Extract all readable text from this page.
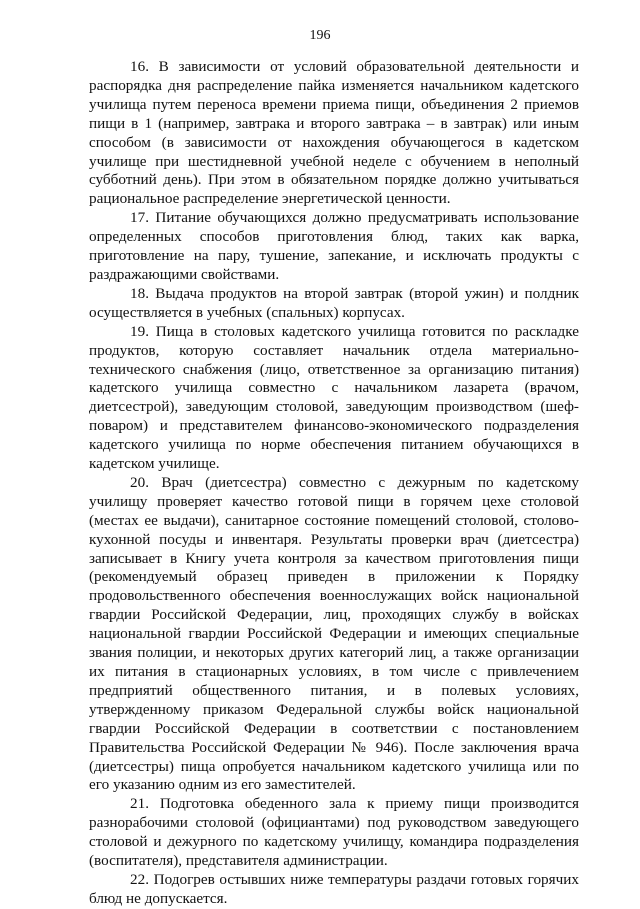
196

16. В зависимости от условий образовательной деятельности и распорядка дня распределение пайка изменяется начальником кадетского училища путем переноса времени приема пищи, объединения 2 приемов пищи в 1 (например, завтрака и второго завтрака – в завтрак) или иным способом (в зависимости от нахождения обучающегося в кадетском училище при шестидневной учебной неделе с обучением в неполный субботний день). При этом в обязательном порядке должно учитываться рациональное распределение энергетической ценности.

17. Питание обучающихся должно предусматривать использование определенных способов приготовления блюд, таких как варка, приготовление на пару, тушение, запекание, и исключать продукты с раздражающими свойствами.

18. Выдача продуктов на второй завтрак (второй ужин) и полдник осуществляется в учебных (спальных) корпусах.

19. Пища в столовых кадетского училища готовится по раскладке продуктов, которую составляет начальник отдела материально-технического снабжения (лицо, ответственное за организацию питания) кадетского училища совместно с начальником лазарета (врачом, диетсестрой), заведующим столовой, заведующим производством (шеф-поваром) и представителем финансово-экономического подразделения кадетского училища по норме обеспечения питанием обучающихся в кадетском училище.

20. Врач (диетсестра) совместно с дежурным по кадетскому училищу проверяет качество готовой пищи в горячем цехе столовой (местах ее выдачи), санитарное состояние помещений столовой, столово-кухонной посуды и инвентаря. Результаты проверки врач (диетсестра) записывает в Книгу учета контроля за качеством приготовления пищи (рекомендуемый образец приведен в приложении к Порядку продовольственного обеспечения военнослужащих войск национальной гвардии Российской Федерации, лиц, проходящих службу в войсках национальной гвардии Российской Федерации и имеющих специальные звания полиции, и некоторых других категорий лиц, а также организации их питания в стационарных условиях, в том числе с привлечением предприятий общественного питания, и в полевых условиях, утвержденному приказом Федеральной службы войск национальной гвардии Российской Федерации в соответствии с постановлением Правительства Российской Федерации № 946). После заключения врача (диетсестры) пища опробуется начальником кадетского училища или по его указанию одним из его заместителей.

21. Подготовка обеденного зала к приему пищи производится разнорабочими столовой (официантами) под руководством заведующего столовой и дежурного по кадетскому училищу, командира подразделения (воспитателя), представителя администрации.

22. Подогрев остывших ниже температуры раздачи готовых горячих блюд не допускается.
